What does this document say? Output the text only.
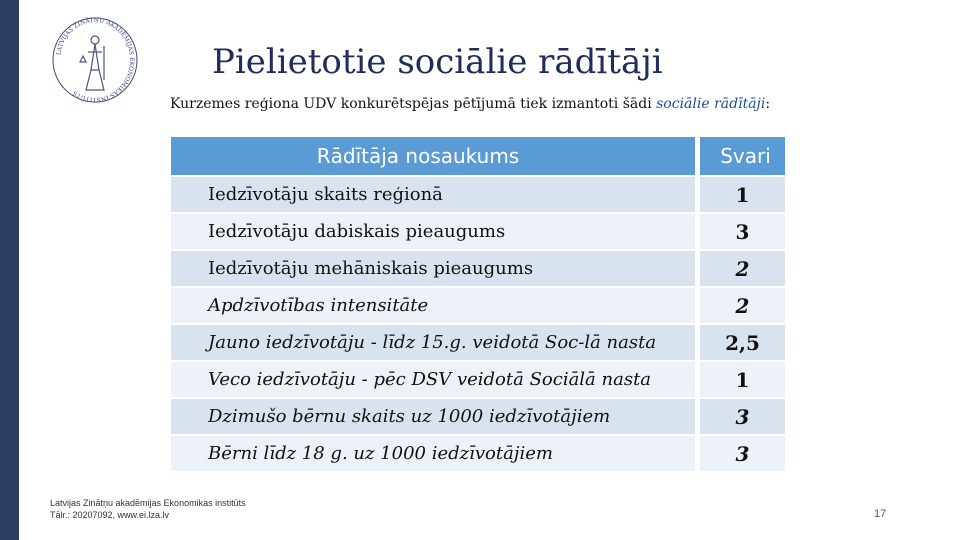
LATVIJAS ZINĀTŅU AKADĒMIJAS EKONOMIKAS INSTITŪTS
Pielietotie sociālie rādītāji
Kurzemes reģiona UDV konkurētspējas pētījumā tiek izmantoti šādi sociālie rādītāji:
Rādītāja nosaukums		Svari
Iedzīvotāju skaits reģionā		1
Iedzīvotāju dabiskais pieaugums		3
Iedzīvotāju mehāniskais pieaugums		2
Apdzīvotības intensitāte		2
Jauno iedzīvotāju - līdz 15.g. veidotā Soc-lā nasta		2,5
Veco iedzīvotāju - pēc DSV veidotā Sociālā nasta		1
Dzimušo bērnu skaits uz 1000 iedzīvotājiem		3
Bērni līdz 18 g. uz 1000 iedzīvotājiem		3
Latvijas Zinātņu akadēmijas Ekonomikas institūts
Tālr.: 20207092, www.ei.lza.lv	17
